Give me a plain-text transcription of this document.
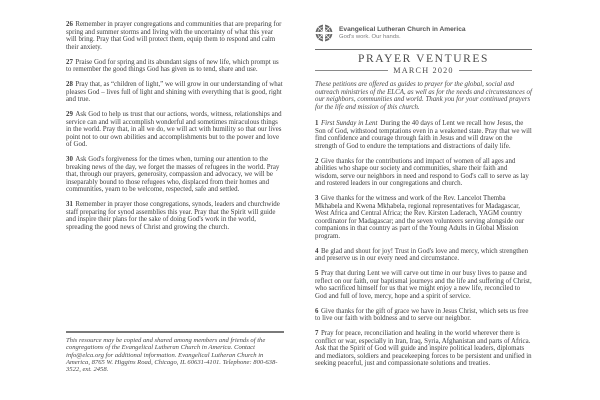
26 Remember in prayer congregations and communities that are preparing for spring and summer storms and living with the uncertainty of what this year will bring. Pray that God will protect them, equip them to respond and calm their anxiety.

27 Praise God for spring and its abundant signs of new life, which prompt us to remember the good things God has given us to tend, share and use.

28 Pray that, as “children of light,” we will grow in our understanding of what pleases God – lives full of light and shining with everything that is good, right and true.

29 Ask God to help us trust that our actions, words, witness, relationships and service can and will accomplish wonderful and sometimes miraculous things in the world. Pray that, in all we do, we will act with humility so that our lives point not to our own abilities and accomplishments but to the power and love of God.

30 Ask God's forgiveness for the times when, turning our attention to the breaking news of the day, we forget the masses of refugees in the world. Pray that, through our prayers, generosity, compassion and advocacy, we will be inseparably bound to those refugees who, displaced from their homes and communities, yearn to be welcome, respected, safe and settled.

31 Remember in prayer those congregations, synods, leaders and churchwide staff preparing for synod assemblies this year. Pray that the Spirit will guide and inspire their plans for the sake of doing God's work in the world, spreading the good news of Christ and growing the church.

This resource may be copied and shared among members and friends of the congregations of the Evangelical Lutheran Church in America. Contact info@elca.org for additional information. Evangelical Lutheran Church in America, 8765 W. Higgins Road, Chicago, IL 60631-4101. Telephone: 800-638-3522, ext. 2458.
Evangelical Lutheran Church in America
God's work. Our hands.
PRAYER VENTURES
MARCH 2020

These petitions are offered as guides to prayer for the global, social and outreach ministries of the ELCA, as well as for the needs and circumstances of our neighbors, communities and world. Thank you for your continued prayers for the life and mission of this church.

1 First Sunday in Lent During the 40 days of Lent we recall how Jesus, the Son of God, withstood temptations even in a weakened state. Pray that we will find confidence and courage through faith in Jesus and will draw on the strength of God to endure the temptations and distractions of daily life.

2 Give thanks for the contributions and impact of women of all ages and abilities who shape our society and communities, share their faith and wisdom, serve our neighbors in need and respond to God's call to serve as lay and rostered leaders in our congregations and church.

3 Give thanks for the witness and work of the Rev. Lancelot Themba Mkhabela and Kwena Mkhabela, regional representatives for Madagascar, West Africa and Central Africa; the Rev. Kirsten Laderach, YAGM country coordinator for Madagascar; and the seven volunteers serving alongside our companions in that country as part of the Young Adults in Global Mission program.

4 Be glad and shout for joy! Trust in God's love and mercy, which strengthen and preserve us in our every need and circumstance.

5 Pray that during Lent we will carve out time in our busy lives to pause and reflect on our faith, our baptismal journeys and the life and suffering of Christ, who sacrificed himself for us that we might enjoy a new life, reconciled to God and full of love, mercy, hope and a spirit of service.

6 Give thanks for the gift of grace we have in Jesus Christ, which sets us free to live our faith with boldness and to serve our neighbor.

7 Pray for peace, reconciliation and healing in the world wherever there is conflict or war, especially in Iran, Iraq, Syria, Afghanistan and parts of Africa. Ask that the Spirit of God will guide and inspire political leaders, diplomats and mediators, soldiers and peacekeeping forces to be persistent and unified in seeking peaceful, just and compassionate solutions and treaties.
